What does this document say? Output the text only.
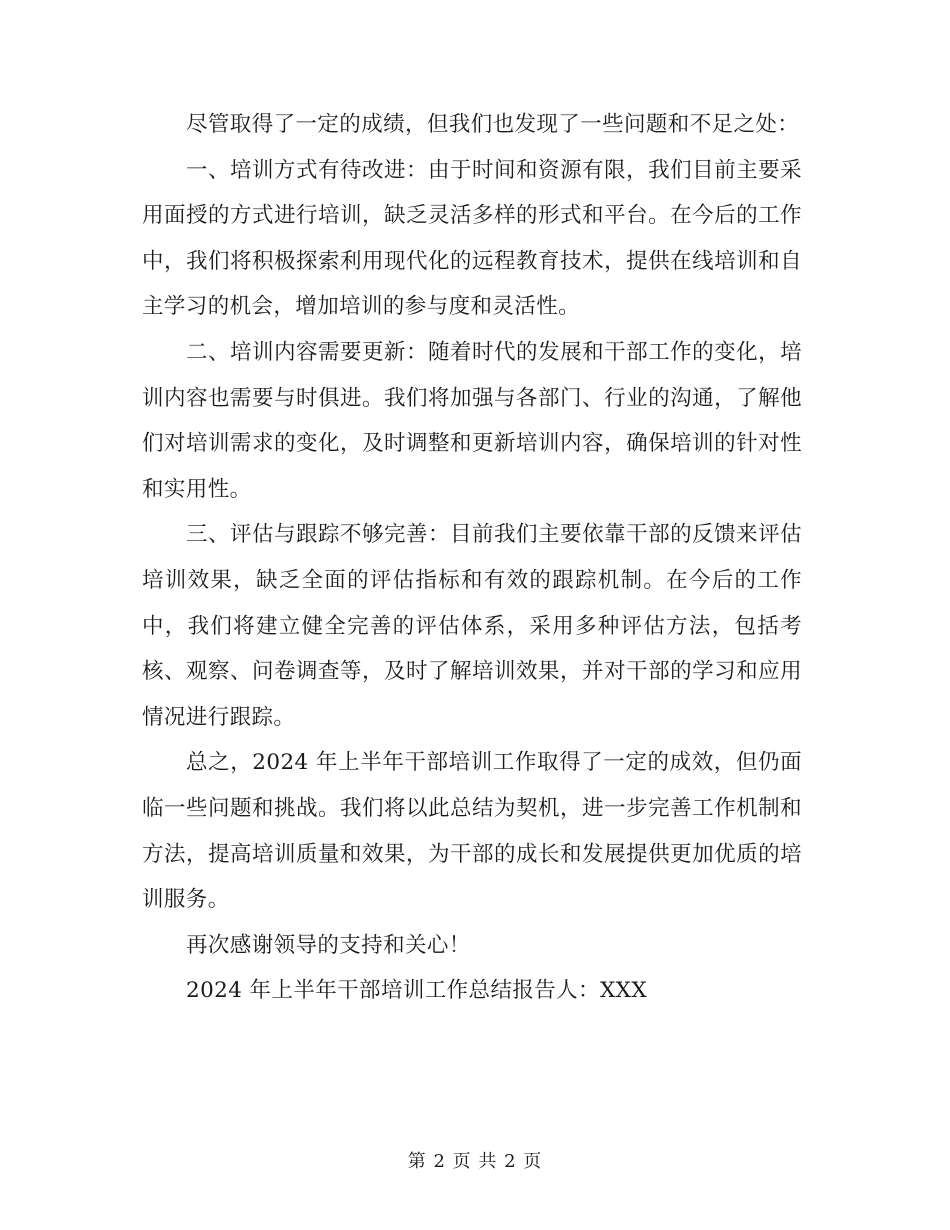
尽管取得了一定的成绩，但我们也发现了一些问题和不足之处：

一、培训方式有待改进：由于时间和资源有限，我们目前主要采用面授的方式进行培训，缺乏灵活多样的形式和平台。在今后的工作中，我们将积极探索利用现代化的远程教育技术，提供在线培训和自主学习的机会，增加培训的参与度和灵活性。

二、培训内容需要更新：随着时代的发展和干部工作的变化，培训内容也需要与时俱进。我们将加强与各部门、行业的沟通，了解他们对培训需求的变化，及时调整和更新培训内容，确保培训的针对性和实用性。

三、评估与跟踪不够完善：目前我们主要依靠干部的反馈来评估培训效果，缺乏全面的评估指标和有效的跟踪机制。在今后的工作中，我们将建立健全完善的评估体系，采用多种评估方法，包括考核、观察、问卷调查等，及时了解培训效果，并对干部的学习和应用情况进行跟踪。

总之，2024 年上半年干部培训工作取得了一定的成效，但仍面临一些问题和挑战。我们将以此总结为契机，进一步完善工作机制和方法，提高培训质量和效果，为干部的成长和发展提供更加优质的培训服务。

再次感谢领导的支持和关心！

2024 年上半年干部培训工作总结报告人：XXX

第 2 页 共 2 页
